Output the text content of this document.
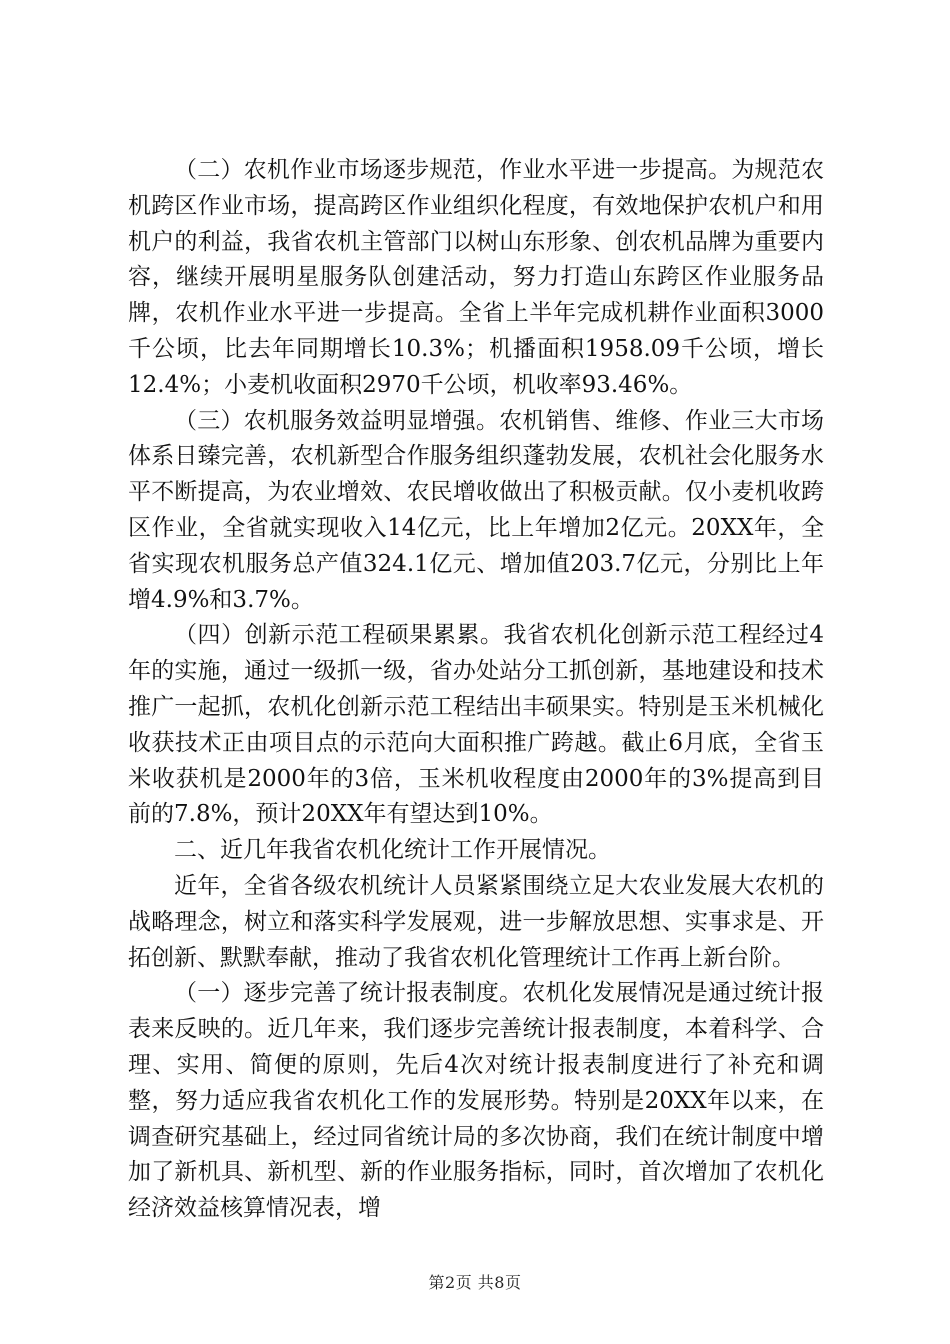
（二）农机作业市场逐步规范，作业水平进一步提高。为规范农机跨区作业市场，提高跨区作业组织化程度，有效地保护农机户和用机户的利益，我省农机主管部门以树山东形象、创农机品牌为重要内容，继续开展明星服务队创建活动，努力打造山东跨区作业服务品牌，农机作业水平进一步提高。全省上半年完成机耕作业面积3000千公顷，比去年同期增长10.3%；机播面积1958.09千公顷，增长12.4%；小麦机收面积2970千公顷，机收率93.46%。

（三）农机服务效益明显增强。农机销售、维修、作业三大市场体系日臻完善，农机新型合作服务组织蓬勃发展，农机社会化服务水平不断提高，为农业增效、农民增收做出了积极贡献。仅小麦机收跨区作业，全省就实现收入14亿元，比上年增加2亿元。20XX年，全省实现农机服务总产值324.1亿元、增加值203.7亿元，分别比上年增4.9%和3.7%。

（四）创新示范工程硕果累累。我省农机化创新示范工程经过4年的实施，通过一级抓一级，省办处站分工抓创新，基地建设和技术推广一起抓，农机化创新示范工程结出丰硕果实。特别是玉米机械化收获技术正由项目点的示范向大面积推广跨越。截止6月底，全省玉米收获机是2000年的3倍，玉米机收程度由2000年的3%提高到目前的7.8%，预计20XX年有望达到10%。

二、近几年我省农机化统计工作开展情况。

近年，全省各级农机统计人员紧紧围绕立足大农业发展大农机的战略理念，树立和落实科学发展观，进一步解放思想、实事求是、开拓创新、默默奉献，推动了我省农机化管理统计工作再上新台阶。

（一）逐步完善了统计报表制度。农机化发展情况是通过统计报表来反映的。近几年来，我们逐步完善统计报表制度，本着科学、合理、实用、简便的原则，先后4次对统计报表制度进行了补充和调整，努力适应我省农机化工作的发展形势。特别是20XX年以来，在调查研究基础上，经过同省统计局的多次协商，我们在统计制度中增加了新机具、新机型、新的作业服务指标，同时，首次增加了农机化经济效益核算情况表，增

第2页 共8页
